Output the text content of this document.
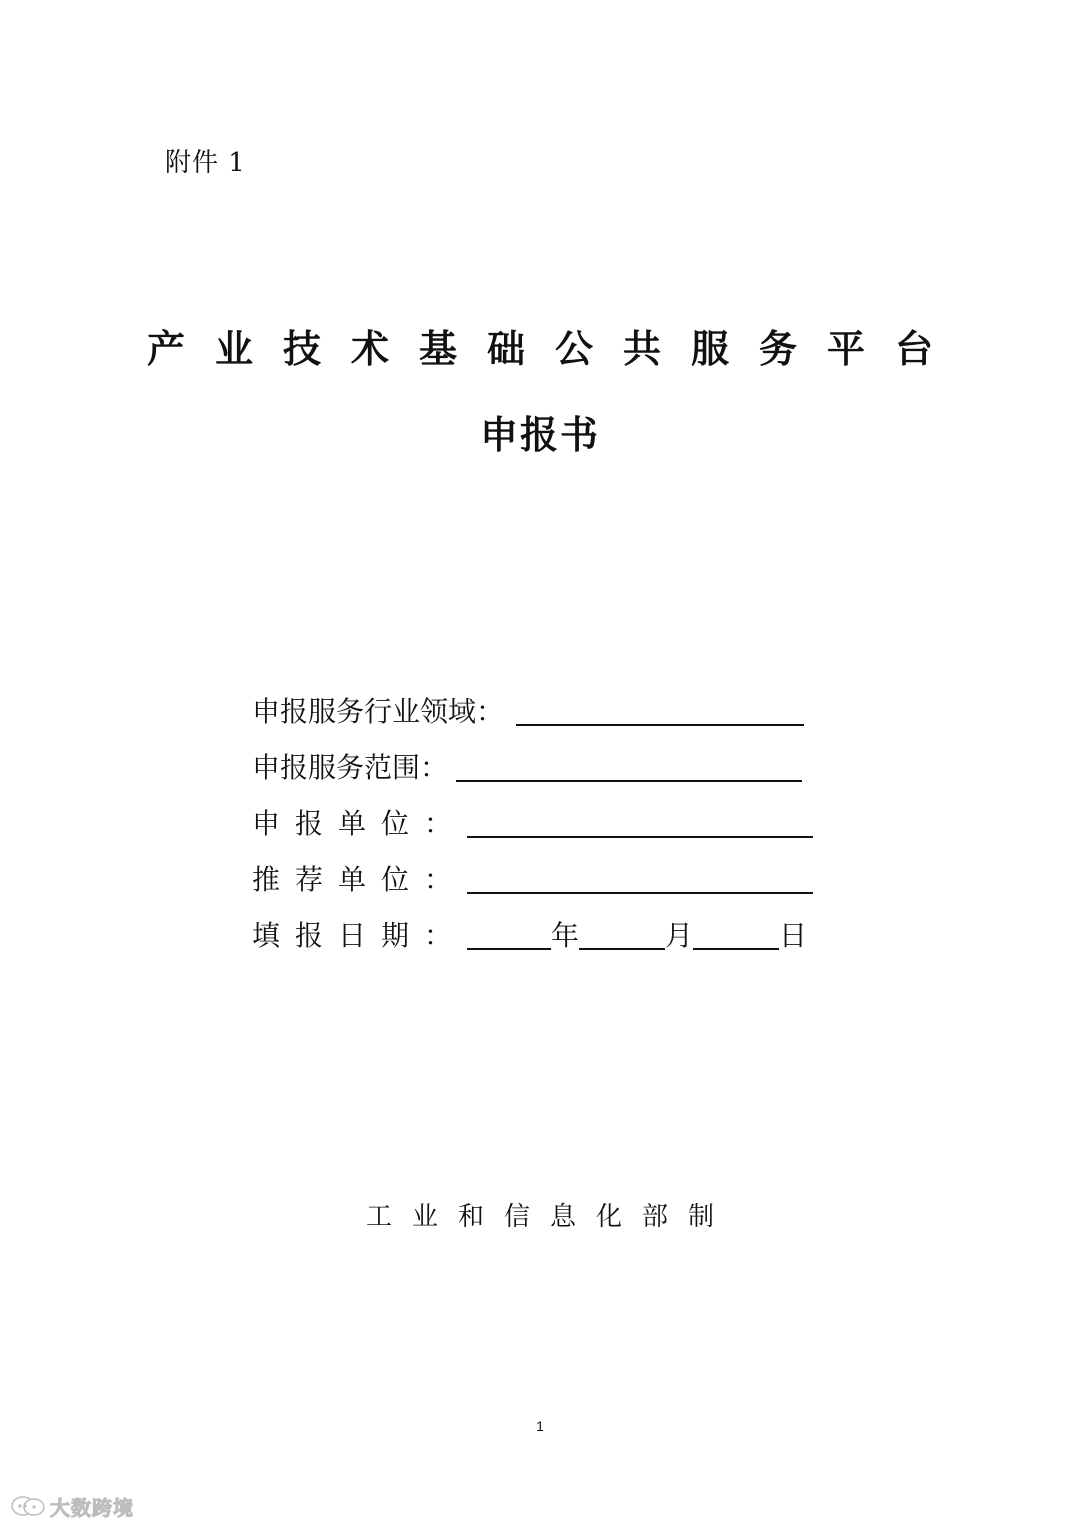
附件 1
产业技术基础公共服务平台
申报书
申报服务行业领域：
申报服务范围：
申报单位：
推荐单位：
填报日期：	年	月	日
工业和信息化部制
1
大数跨境
